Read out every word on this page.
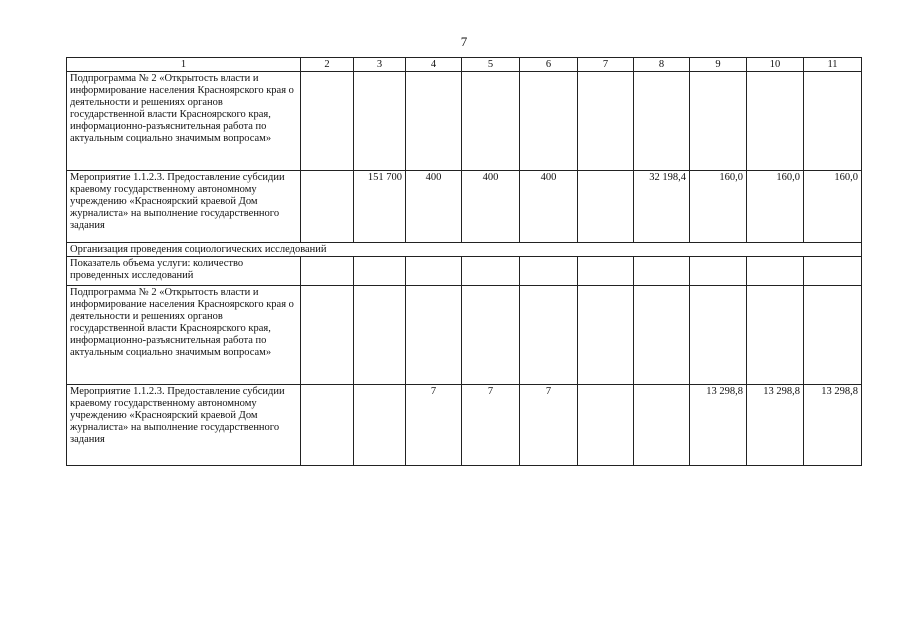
7
1	2	3	4	5	6	7	8	9	10	11
Подпрограмма № 2 «Открытость власти и информирование населения Красноярского края о деятельности и решениях органов государственной власти Красноярского края, информационно-разъяснительная работа по актуальным социально значимым вопросам»										
Мероприятие 1.1.2.3. Предоставление субсидии краевому государственному автономному учреждению «Красноярский краевой Дом журналиста» на выполнение государственного задания		151 700	400	400	400		32 198,4	160,0	160,0	160,0
Организация проведения социологических исследований										
Показатель объема услуги: количество проведенных исследований										
Подпрограмма № 2 «Открытость власти и информирование населения Красноярского края о деятельности и решениях органов государственной власти Красноярского края, информационно-разъяснительная работа по актуальным социально значимым вопросам»										
Мероприятие 1.1.2.3. Предоставление субсидии краевому государственному автономному учреждению «Красноярский краевой Дом журналиста» на выполнение государственного задания			7	7	7			13 298,8	13 298,8	13 298,8
